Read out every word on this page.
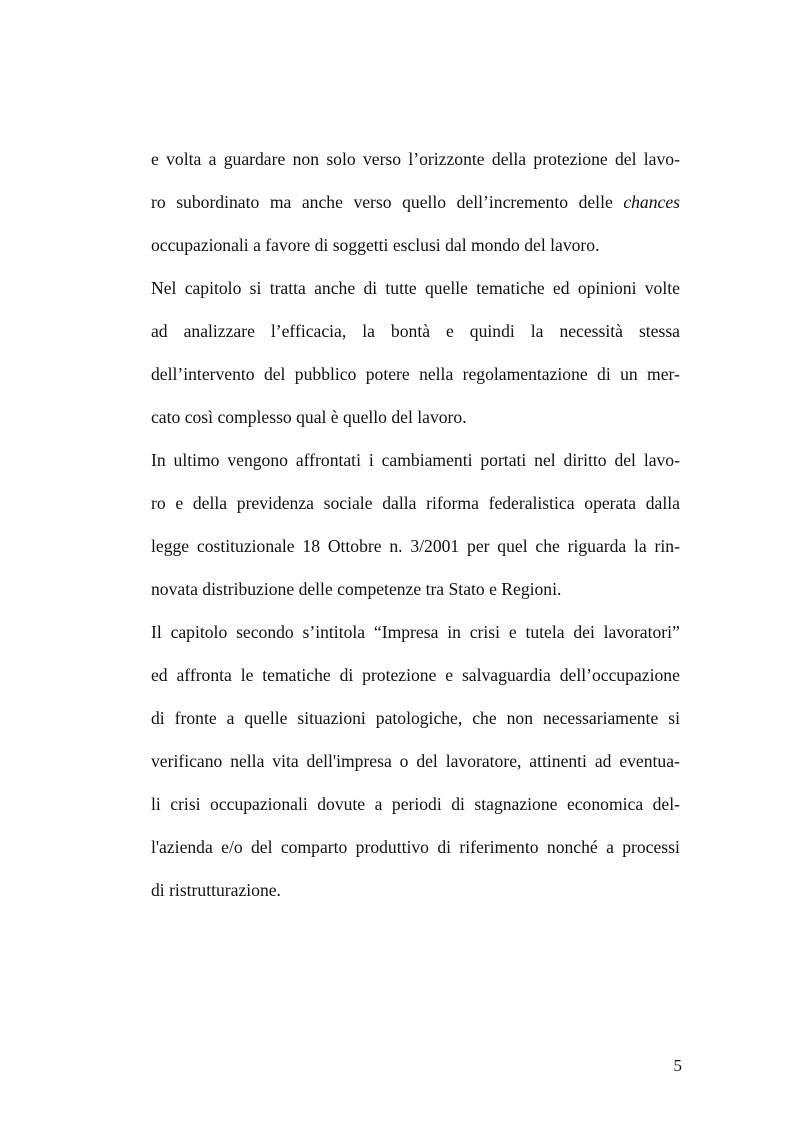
e volta a guardare non solo verso l’orizzonte della protezione del lavo-
ro subordinato ma anche verso quello dell’incremento delle chances
occupazionali a favore di soggetti esclusi dal mondo del lavoro.
Nel capitolo si tratta anche di tutte quelle tematiche ed opinioni volte
ad analizzare l’efficacia, la bontà e quindi la necessità stessa
dell’intervento del pubblico potere nella regolamentazione di un mer-
cato così complesso qual è quello del lavoro.
In ultimo vengono affrontati i cambiamenti portati nel diritto del lavo-
ro e della previdenza sociale dalla riforma federalistica operata dalla
legge costituzionale 18 Ottobre n. 3/2001 per quel che riguarda la rin-
novata distribuzione delle competenze tra Stato e Regioni.
Il capitolo secondo s’intitola “Impresa in crisi e tutela dei lavoratori”
ed affronta le tematiche di protezione e salvaguardia dell’occupazione
di fronte a quelle situazioni patologiche, che non necessariamente si
verificano nella vita dell'impresa o del lavoratore, attinenti ad eventua-
li crisi occupazionali dovute a periodi di stagnazione economica del-
l'azienda e/o del comparto produttivo di riferimento nonché a processi
di ristrutturazione.
5
